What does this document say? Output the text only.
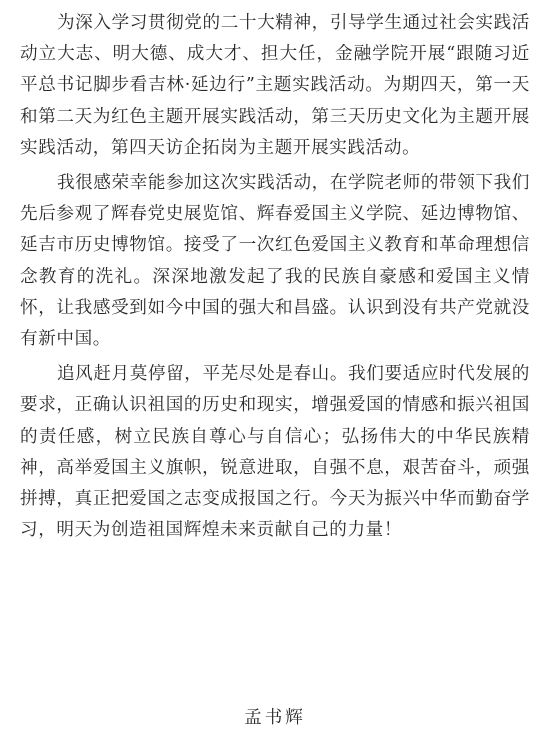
为深入学习贯彻党的二十大精神，引导学生通过社会实践活动立大志、明大德、成大才、担大任，金融学院开展“跟随习近平总书记脚步看吉林·延边行”主题实践活动。为期四天，第一天和第二天为红色主题开展实践活动，第三天历史文化为主题开展实践活动，第四天访企拓岗为主题开展实践活动。

我很感荣幸能参加这次实践活动，在学院老师的带领下我们先后参观了辉春党史展览馆、辉春爱国主义学院、延边博物馆、延吉市历史博物馆。接受了一次红色爱国主义教育和革命理想信念教育的洗礼。深深地激发起了我的民族自豪感和爱国主义情怀，让我感受到如今中国的强大和昌盛。认识到没有共产党就没有新中国。

追风赶月莫停留，平芜尽处是春山。我们要适应时代发展的要求，正确认识祖国的历史和现实，增强爱国的情感和振兴祖国的责任感，树立民族自尊心与自信心；弘扬伟大的中华民族精神，高举爱国主义旗帜，锐意进取，自强不息，艰苦奋斗，顽强拼搏，真正把爱国之志变成报国之行。今天为振兴中华而勤奋学习，明天为创造祖国辉煌未来贡献自己的力量！

孟书辉
